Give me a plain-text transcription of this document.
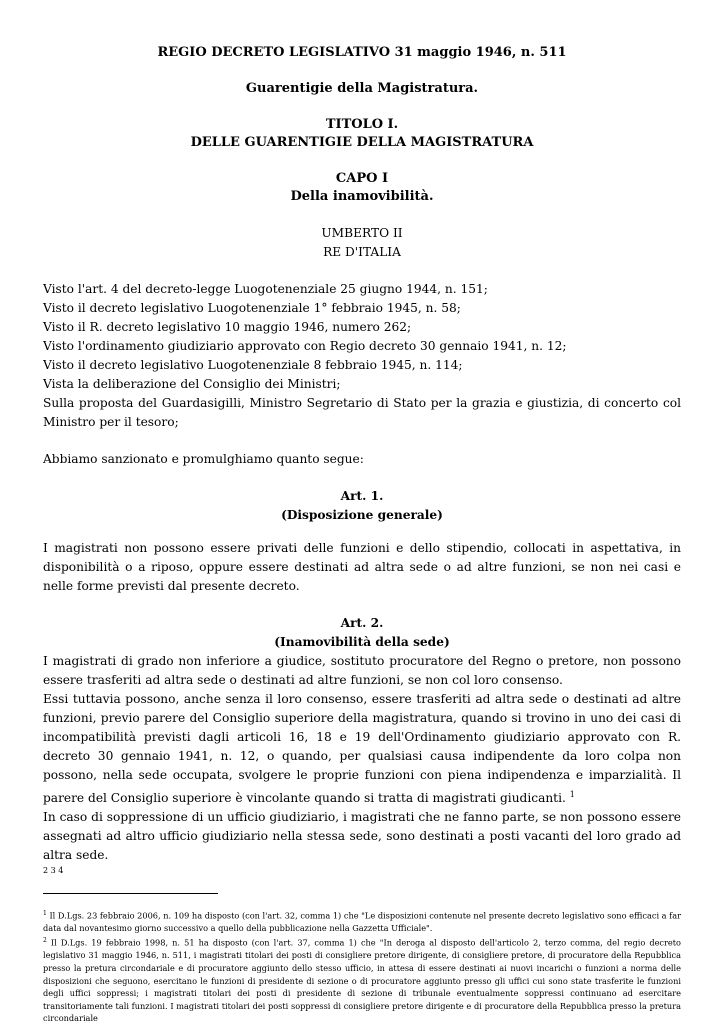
REGIO DECRETO LEGISLATIVO 31 maggio 1946, n. 511
Guarentigie della Magistratura.
TITOLO I.
DELLE GUARENTIGIE DELLA MAGISTRATURA
CAPO I
Della inamovibilità.
UMBERTO II
RE D'ITALIA
Visto l'art. 4 del decreto-legge Luogotenenziale 25 giugno 1944, n. 151;
Visto il decreto legislativo Luogotenenziale 1° febbraio 1945, n. 58;
Visto il R. decreto legislativo 10 maggio 1946, numero 262;
Visto l'ordinamento giudiziario approvato con Regio decreto 30 gennaio 1941, n. 12;
Visto il decreto legislativo Luogotenenziale 8 febbraio 1945, n. 114;
Vista la deliberazione del Consiglio dei Ministri;
Sulla proposta del Guardasigilli, Ministro Segretario di Stato per la grazia e giustizia, di concerto col Ministro per il tesoro;
Abbiamo sanzionato e promulghiamo quanto segue:
Art. 1.
(Disposizione generale)
I magistrati non possono essere privati delle funzioni e dello stipendio, collocati in aspettativa, in disponibilità o a riposo, oppure essere destinati ad altra sede o ad altre funzioni, se non nei casi e nelle forme previsti dal presente decreto.
Art. 2.
(Inamovibilità della sede)
I magistrati di grado non inferiore a giudice, sostituto procuratore del Regno o pretore, non possono essere trasferiti ad altra sede o destinati ad altre funzioni, se non col loro consenso.
Essi tuttavia possono, anche senza il loro consenso, essere trasferiti ad altra sede o destinati ad altre funzioni, previo parere del Consiglio superiore della magistratura, quando si trovino in uno dei casi di incompatibilità previsti dagli articoli 16, 18 e 19 dell'Ordinamento giudiziario approvato con R. decreto 30 gennaio 1941, n. 12, o quando, per qualsiasi causa indipendente da loro colpa non possono, nella sede occupata, svolgere le proprie funzioni con piena indipendenza e imparzialità. Il parere del Consiglio superiore è vincolante quando si tratta di magistrati giudicanti. $^1$
In caso di soppressione di un ufficio giudiziario, i magistrati che ne fanno parte, se non possono essere assegnati ad altro ufficio giudiziario nella stessa sede, sono destinati a posti vacanti del loro grado ad altra sede.
2 3 4
$^1$ Il D.Lgs. 23 febbraio 2006, n. 109 ha disposto (con l'art. 32, comma 1) che "Le disposizioni contenute nel presente decreto legislativo sono efficaci a far data dal novantesimo giorno successivo a quello della pubblicazione nella Gazzetta Ufficiale".
$^2$ Il D.Lgs. 19 febbraio 1998, n. 51 ha disposto (con l'art. 37, comma 1) che "In deroga al disposto dell'articolo 2, terzo comma, del regio decreto legislativo 31 maggio 1946, n. 511, i magistrati titolari dei posti di consigliere pretore dirigente, di consigliere pretore, di procuratore della Repubblica presso la pretura circondariale e di procuratore aggiunto dello stesso ufficio, in attesa di essere destinati ai nuovi incarichi o funzioni a norma delle disposizioni che seguono, esercitano le funzioni di presidente di sezione o di procuratore aggiunto presso gli uffici cui sono state trasferite le funzioni degli uffici soppressi; i magistrati titolari dei posti di presidente di sezione di tribunale eventualmente soppressi continuano ad esercitare transitoriamente tali funzioni. I magistrati titolari dei posti soppressi di consigliere pretore dirigente e di procuratore della Repubblica presso la pretura circondariale
